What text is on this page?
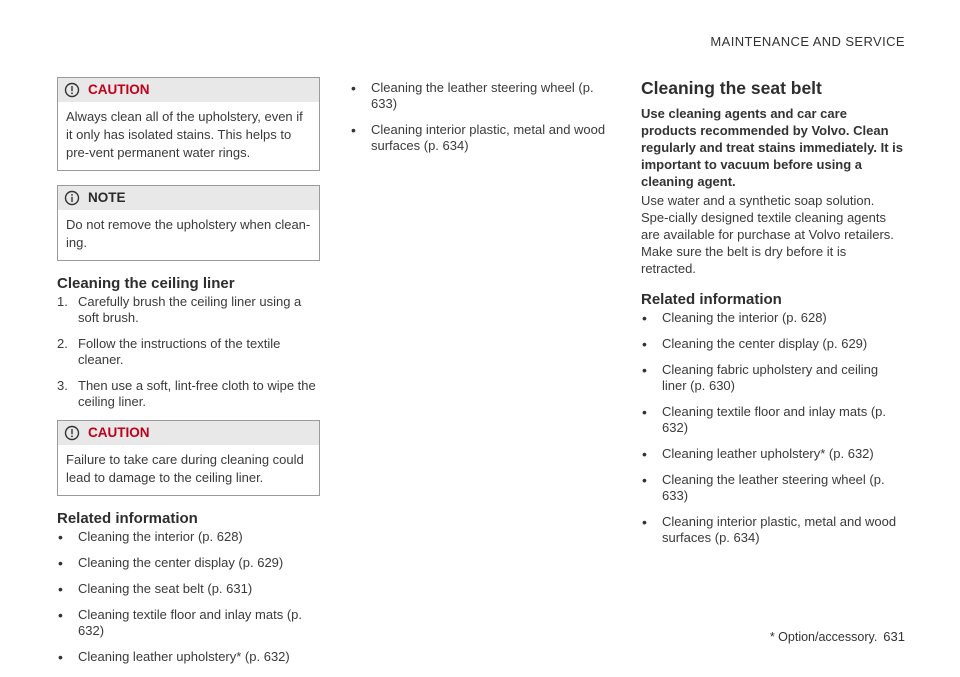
MAINTENANCE AND SERVICE
CAUTION
Always clean all of the upholstery, even if it only has isolated stains. This helps to pre-vent permanent water rings.
NOTE
Do not remove the upholstery when clean-ing.
Cleaning the ceiling liner
1. Carefully brush the ceiling liner using a soft brush.
2. Follow the instructions of the textile cleaner.
3. Then use a soft, lint-free cloth to wipe the ceiling liner.
CAUTION
Failure to take care during cleaning could lead to damage to the ceiling liner.
Related information
• Cleaning the interior (p. 628)
• Cleaning the center display (p. 629)
• Cleaning the seat belt (p. 631)
• Cleaning textile floor and inlay mats (p. 632)
• Cleaning leather upholstery* (p. 632)
• Cleaning the leather steering wheel (p. 633)
• Cleaning interior plastic, metal and wood surfaces (p. 634)
Cleaning the seat belt

Use cleaning agents and car care products recommended by Volvo. Clean regularly and treat stains immediately. It is important to vacuum before using a cleaning agent.

Use water and a synthetic soap solution. Spe-cially designed textile cleaning agents are available for purchase at Volvo retailers. Make sure the belt is dry before it is retracted.

Related information
• Cleaning the interior (p. 628)
• Cleaning the center display (p. 629)
• Cleaning fabric upholstery and ceiling liner (p. 630)
• Cleaning textile floor and inlay mats (p. 632)
• Cleaning leather upholstery* (p. 632)
• Cleaning the leather steering wheel (p. 633)
• Cleaning interior plastic, metal and wood surfaces (p. 634)
* Option/accessory. 631
